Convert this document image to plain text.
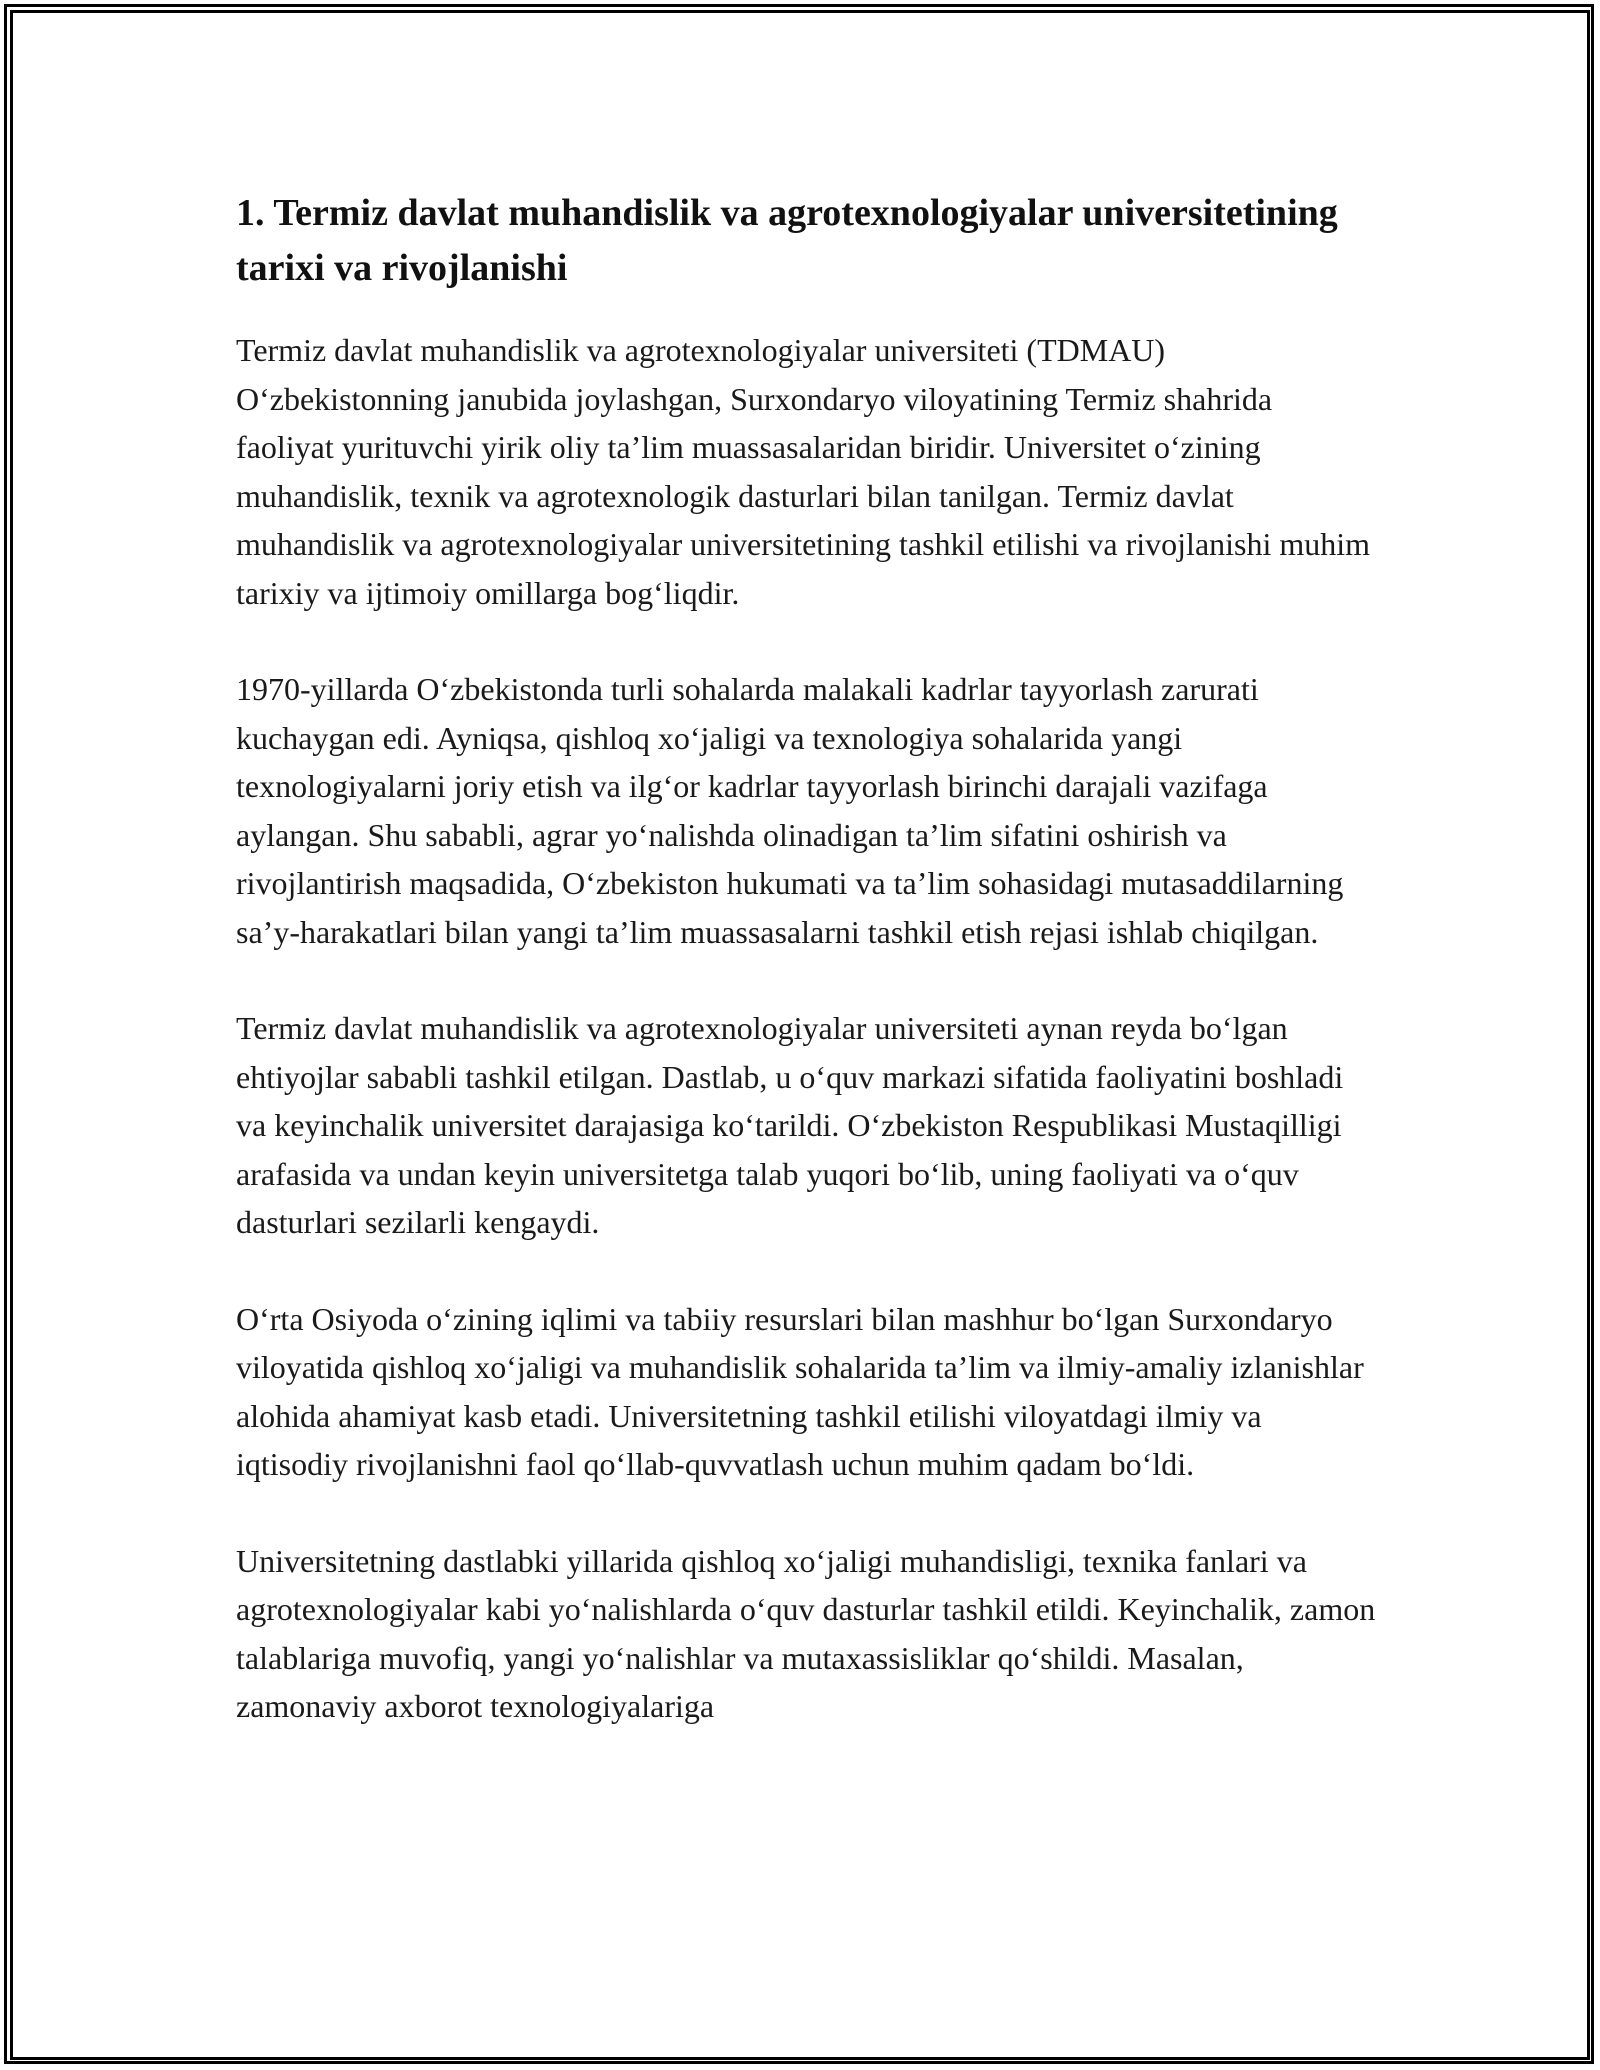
1. Termiz davlat muhandislik va agrotexnologiyalar universitetining tarixi va rivojlanishi

Termiz davlat muhandislik va agrotexnologiyalar universiteti (TDMAU) O‘zbekistonning janubida joylashgan, Surxondaryo viloyatining Termiz shahrida faoliyat yurituvchi yirik oliy ta’lim muassasalaridan biridir. Universitet o‘zining muhandislik, texnik va agrotexnologik dasturlari bilan tanilgan. Termiz davlat muhandislik va agrotexnologiyalar universitetining tashkil etilishi va rivojlanishi muhim tarixiy va ijtimoiy omillarga bog‘liqdir.

1970-yillarda O‘zbekistonda turli sohalarda malakali kadrlar tayyorlash zarurati kuchaygan edi. Ayniqsa, qishloq xo‘jaligi va texnologiya sohalarida yangi texnologiyalarni joriy etish va ilg‘or kadrlar tayyorlash birinchi darajali vazifaga aylangan. Shu sababli, agrar yo‘nalishda olinadigan ta’lim sifatini oshirish va rivojlantirish maqsadida, O‘zbekiston hukumati va ta’lim sohasidagi mutasaddilarning sa’y-harakatlari bilan yangi ta’lim muassasalarni tashkil etish rejasi ishlab chiqilgan.

Termiz davlat muhandislik va agrotexnologiyalar universiteti aynan reyda bo‘lgan ehtiyojlar sababli tashkil etilgan. Dastlab, u o‘quv markazi sifatida faoliyatini boshladi va keyinchalik universitet darajasiga ko‘tarildi. O‘zbekiston Respublikasi Mustaqilligi arafasida va undan keyin universitetga talab yuqori bo‘lib, uning faoliyati va o‘quv dasturlari sezilarli kengaydi.

O‘rta Osiyoda o‘zining iqlimi va tabiiy resurslari bilan mashhur bo‘lgan Surxondaryo viloyatida qishloq xo‘jaligi va muhandislik sohalarida ta’lim va ilmiy-amaliy izlanishlar alohida ahamiyat kasb etadi. Universitetning tashkil etilishi viloyatdagi ilmiy va iqtisodiy rivojlanishni faol qo‘llab-quvvatlash uchun muhim qadam bo‘ldi.

Universitetning dastlabki yillarida qishloq xo‘jaligi muhandisligi, texnika fanlari va agrotexnologiyalar kabi yo‘nalishlarda o‘quv dasturlar tashkil etildi. Keyinchalik, zamon talablariga muvofiq, yangi yo‘nalishlar va mutaxassisliklar qo‘shildi. Masalan, zamonaviy axborot texnologiyalariga
